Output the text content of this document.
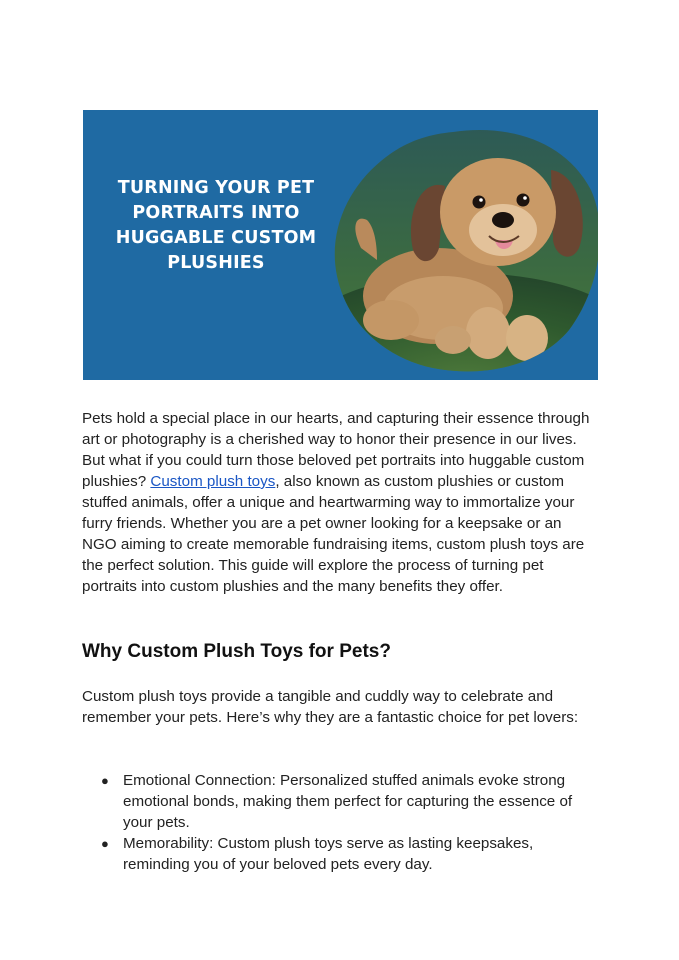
TURNING YOUR PET
PORTRAITS INTO
HUGGABLE CUSTOM
PLUSHIES
Pets hold a special place in our hearts, and capturing their essence through art or photography is a cherished way to honor their presence in our lives. But what if you could turn those beloved pet portraits into huggable custom plushies? Custom plush toys, also known as custom plushies or custom stuffed animals, offer a unique and heartwarming way to immortalize your furry friends. Whether you are a pet owner looking for a keepsake or an NGO aiming to create memorable fundraising items, custom plush toys are the perfect solution. This guide will explore the process of turning pet portraits into custom plushies and the many benefits they offer.
Why Custom Plush Toys for Pets?
Custom plush toys provide a tangible and cuddly way to celebrate and remember your pets. Here’s why they are a fantastic choice for pet lovers:
● Emotional Connection: Personalized stuffed animals evoke strong emotional bonds, making them perfect for capturing the essence of your pets.
● Memorability: Custom plush toys serve as lasting keepsakes, reminding you of your beloved pets every day.
